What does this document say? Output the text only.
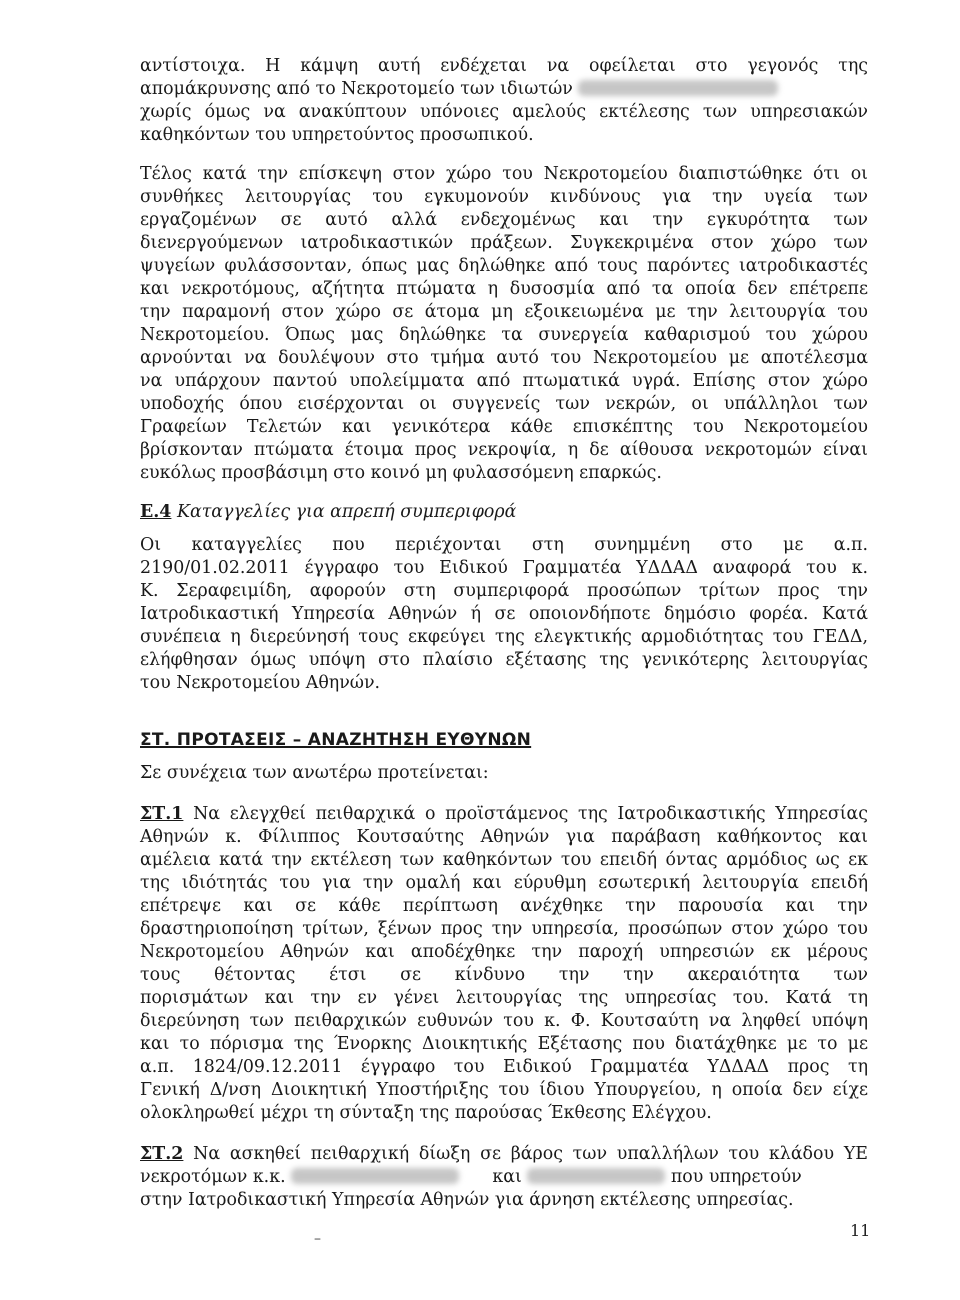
αντίστοιχα. Η κάμψη αυτή ενδέχεται να οφείλεται στο γεγονός της
απομάκρυνσης από το Νεκροτομείο των ιδιωτών
χωρίς όμως να ανακύπτουν υπόνοιες αμελούς εκτέλεσης των υπηρεσιακών
καθηκόντων του υπηρετούντος προσωπικού.
Τέλος κατά την επίσκεψη στον χώρο του Νεκροτομείου διαπιστώθηκε ότι οι
συνθήκες λειτουργίας του εγκυμονούν κινδύνους για την υγεία των
εργαζομένων σε αυτό αλλά ενδεχομένως και την εγκυρότητα των
διενεργούμενων ιατροδικαστικών πράξεων. Συγκεκριμένα στον χώρο των
ψυγείων φυλάσσονταν, όπως μας δηλώθηκε από τους παρόντες ιατροδικαστές
και νεκροτόμους, αζήτητα πτώματα η δυσοσμία από τα οποία δεν επέτρεπε
την παραμονή στον χώρο σε άτομα μη εξοικειωμένα με την λειτουργία του
Νεκροτομείου. Όπως μας δηλώθηκε τα συνεργεία καθαρισμού του χώρου
αρνούνται να δουλέψουν στο τμήμα αυτό του Νεκροτομείου με αποτέλεσμα
να υπάρχουν παντού υπολείμματα από πτωματικά υγρά. Επίσης στον χώρο
υποδοχής όπου εισέρχονται οι συγγενείς των νεκρών, οι υπάλληλοι των
Γραφείων Τελετών και γενικότερα κάθε επισκέπτης του Νεκροτομείου
βρίσκονταν πτώματα έτοιμα προς νεκροψία, η δε αίθουσα νεκροτομών είναι
ευκόλως προσβάσιμη στο κοινό μη φυλασσόμενη επαρκώς.
Ε.4 Καταγγελίες για απρεπή συμπεριφορά
Οι καταγγελίες που περιέχονται στη συνημμένη στο με α.π.
2190/01.02.2011 έγγραφο του Ειδικού Γραμματέα ΥΔΔΑΔ αναφορά του κ.
Κ. Σεραφειμίδη, αφορούν στη συμπεριφορά προσώπων τρίτων προς την
Ιατροδικαστική Υπηρεσία Αθηνών ή σε οποιονδήποτε δημόσιο φορέα. Κατά
συνέπεια η διερεύνησή τους εκφεύγει της ελεγκτικής αρμοδιότητας του ΓΕΔΔ,
ελήφθησαν όμως υπόψη στο πλαίσιο εξέτασης της γενικότερης λειτουργίας
του Νεκροτομείου Αθηνών.
ΣΤ. ΠΡΟΤΑΣΕΙΣ – ΑΝΑΖΗΤΗΣΗ ΕΥΘΥΝΩΝ
Σε συνέχεια των ανωτέρω προτείνεται:
ΣΤ.1 Να ελεγχθεί πειθαρχικά ο προϊστάμενος της Ιατροδικαστικής Υπηρεσίας
Αθηνών κ. Φίλιππος Κουτσαύτης Αθηνών για παράβαση καθήκοντος και
αμέλεια κατά την εκτέλεση των καθηκόντων του επειδή όντας αρμόδιος ως εκ
της ιδιότητάς του για την ομαλή και εύρυθμη εσωτερική λειτουργία επειδή
επέτρεψε και σε κάθε περίπτωση ανέχθηκε την παρουσία και την
δραστηριοποίηση τρίτων, ξένων προς την υπηρεσία, προσώπων στον χώρο του
Νεκροτομείου Αθηνών και αποδέχθηκε την παροχή υπηρεσιών εκ μέρους
τους θέτοντας έτσι σε κίνδυνο την την ακεραιότητα των
πορισμάτων και την εν γένει λειτουργίας της υπηρεσίας του. Κατά τη
διερεύνηση των πειθαρχικών ευθυνών του κ. Φ. Κουτσαύτη να ληφθεί υπόψη
και το πόρισμα της Ένορκης Διοικητικής Εξέτασης που διατάχθηκε με το με
α.π. 1824/09.12.2011 έγγραφο του Ειδικού Γραμματέα ΥΔΔΑΔ προς τη
Γενική Δ/νση Διοικητική Υποστήριξης του ίδιου Υπουργείου, η οποία δεν είχε
ολοκληρωθεί μέχρι τη σύνταξη της παρούσας Έκθεσης Ελέγχου.
ΣΤ.2 Να ασκηθεί πειθαρχική δίωξη σε βάρος των υπαλλήλων του κλάδου ΥΕ
νεκροτόμων κ.κ.	και	που υπηρετούν
στην Ιατροδικαστική Υπηρεσία Αθηνών για άρνηση εκτέλεσης υπηρεσίας.
–	11
